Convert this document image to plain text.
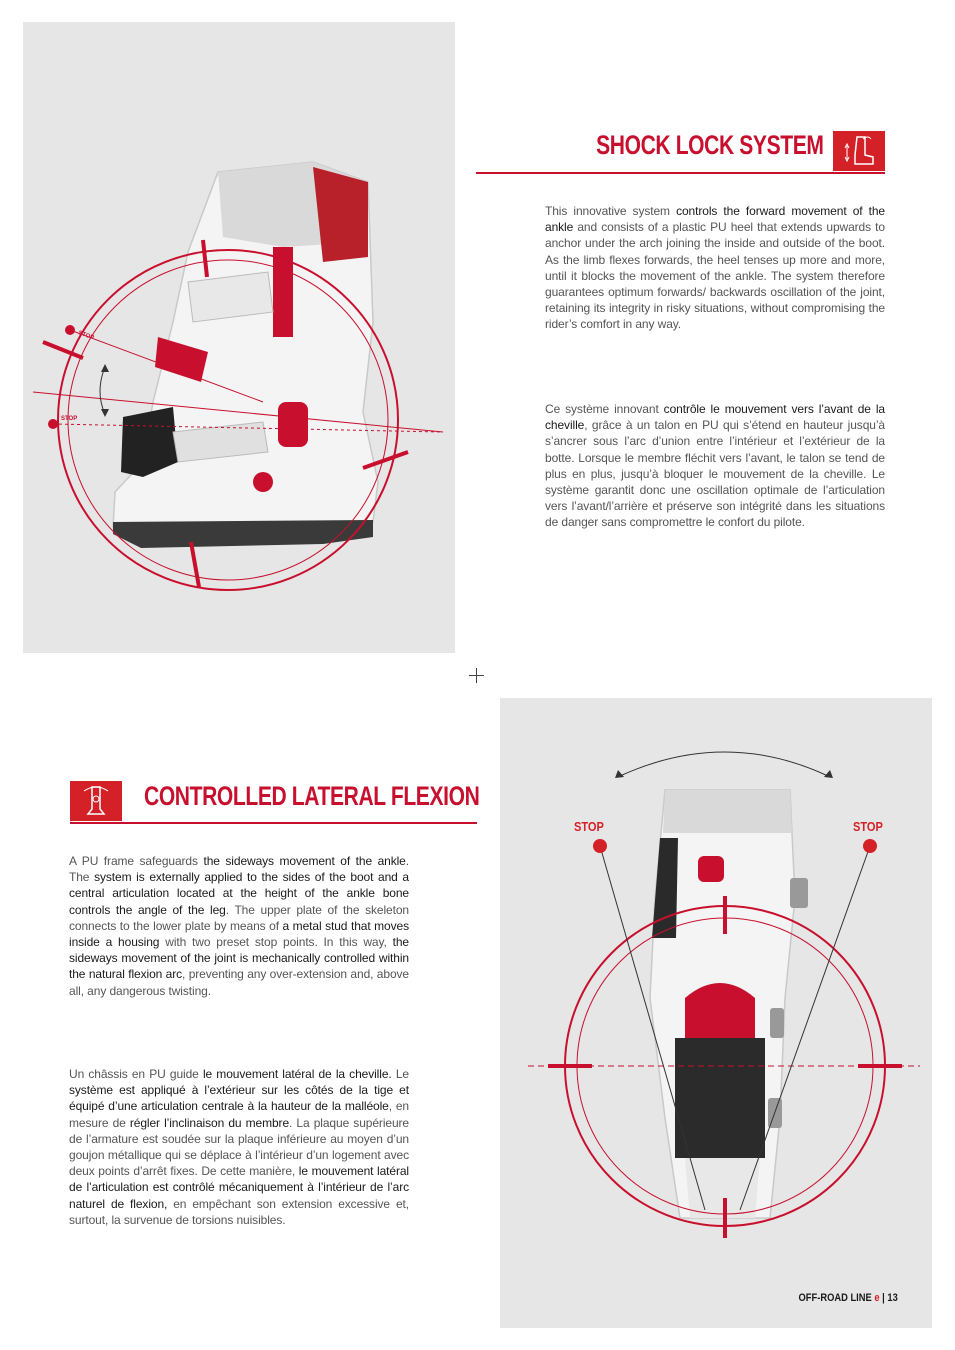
STOP
STOP
SHOCK LOCK SYSTEM
This innovative system controls the forward movement of the ankle and consists of a plastic PU heel that extends upwards to anchor under the arch joining the inside and outside of the boot. As the limb flexes forwards, the heel tenses up more and more, until it blocks the movement of the ankle. The system therefore guarantees optimum forwards/ backwards oscillation of the joint, retaining its integrity in risky situations, without compromising the rider’s comfort in any way.
Ce système innovant contrôle le mouvement vers l’avant de la cheville, grâce à un talon en PU qui s’étend en hauteur jusqu’à s’ancrer sous l’arc d’union entre l’intérieur et l’extérieur de la botte. Lorsque le membre fléchit vers l’avant, le talon se tend de plus en plus, jusqu’à bloquer le mouvement de la cheville. Le système garantit donc une oscillation optimale de l’articulation vers l’avant/l’arrière et préserve son intégrité dans les situations de danger sans compromettre le confort du pilote.
CONTROLLED LATERAL FLEXION
A PU frame safeguards the sideways movement of the ankle. The system is externally applied to the sides of the boot and a central articulation located at the height of the ankle bone controls the angle of the leg. The upper plate of the skeleton connects to the lower plate by means of a metal stud that moves inside a housing with two preset stop points. In this way, the sideways movement of the joint is mechanically controlled within the natural flexion arc, preventing any over-extension and, above all, any dangerous twisting.
Un châssis en PU guide le mouvement latéral de la cheville. Le système est appliqué à l’extérieur sur les côtés de la tige et équipé d’une articulation centrale à la hauteur de la malléole, en mesure de régler l’inclinaison du membre. La plaque supérieure de l’armature est soudée sur la plaque inférieure au moyen d’un goujon métallique qui se déplace à l’intérieur d’un logement avec deux points d’arrêt fixes. De cette manière, le mouvement latéral de l’articulation est contrôlé mécaniquement à l’intérieur de l’arc naturel de flexion, en empêchant son extension excessive et, surtout, la survenue de torsions nuisibles.
STOP	STOP
OFF-ROAD LINE e | 13
